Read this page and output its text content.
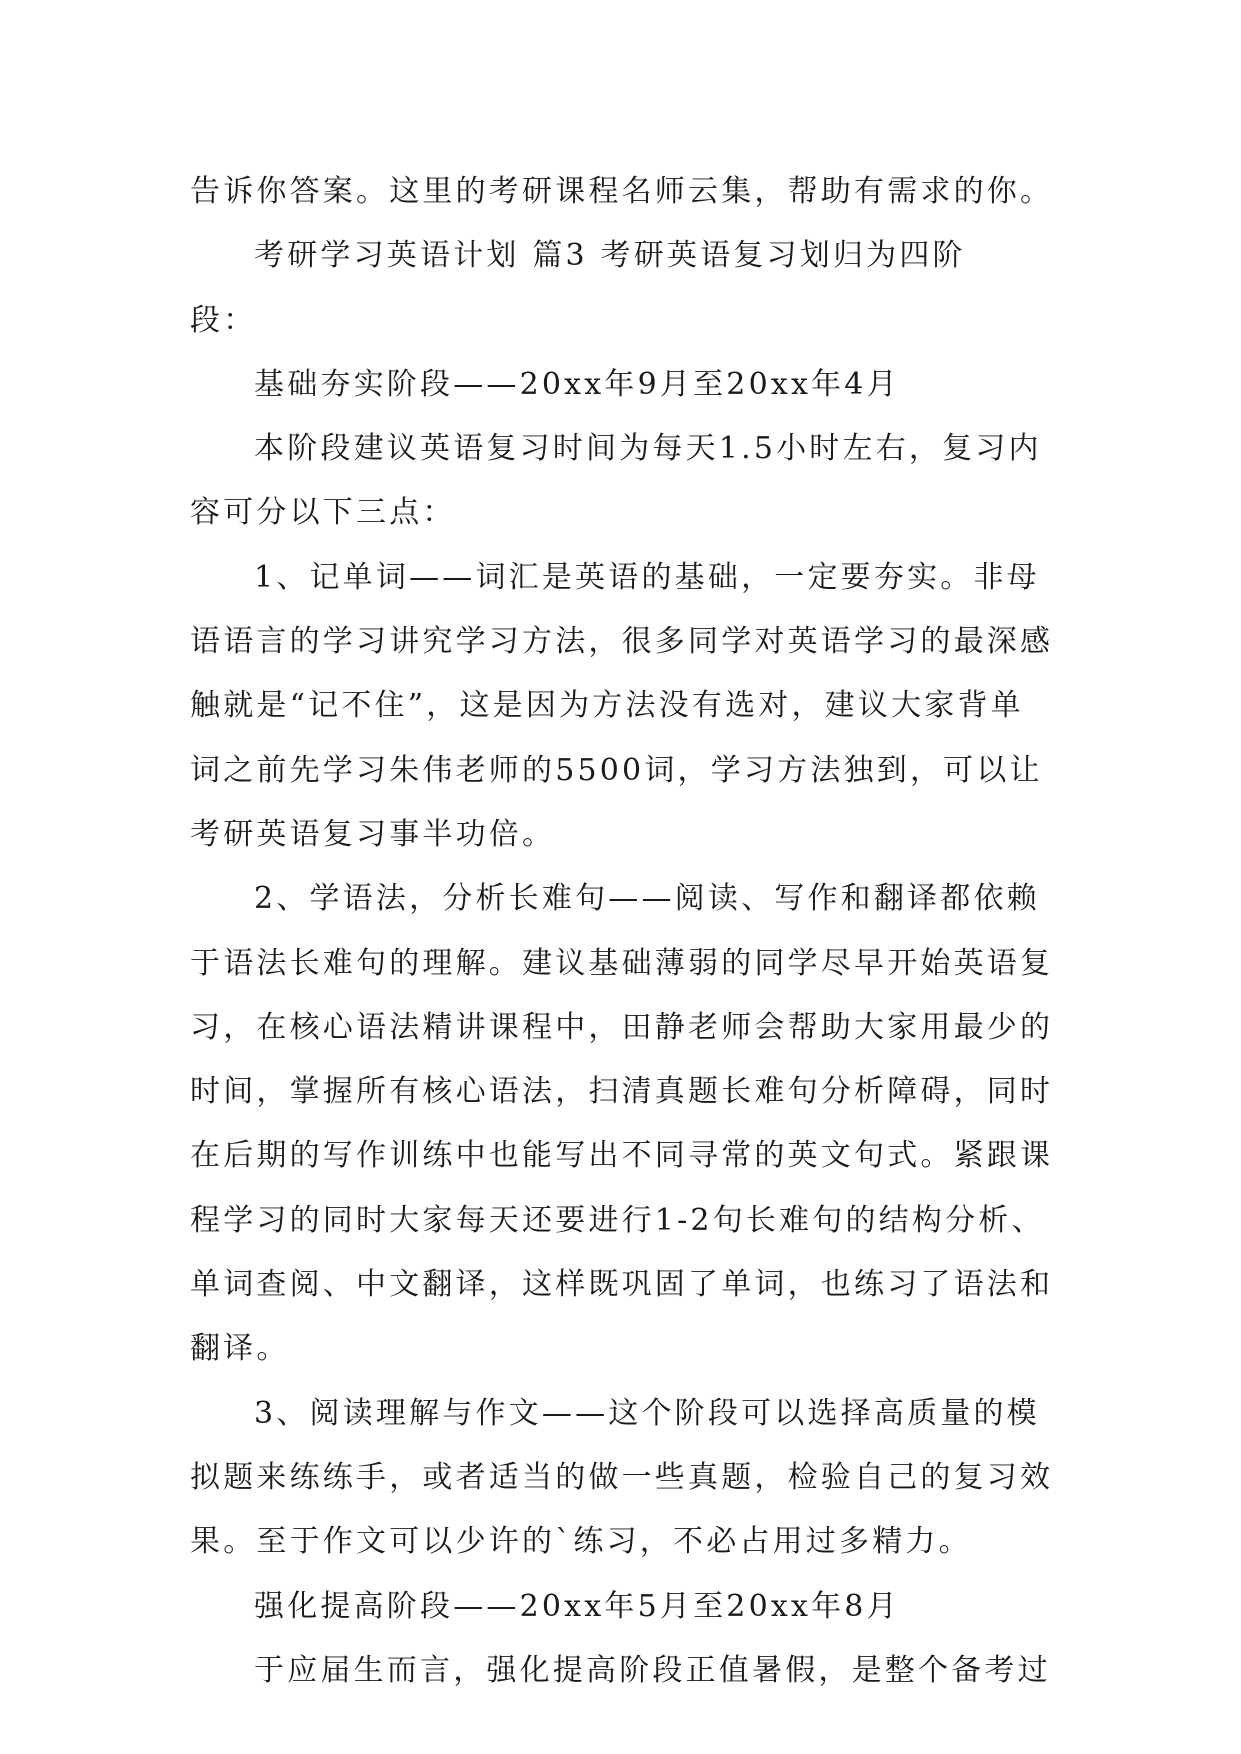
告诉你答案。这里的考研课程名师云集，帮助有需求的你。
考研学习英语计划 篇3 考研英语复习划归为四阶
段：
基础夯实阶段——20xx年9月至20xx年4月
本阶段建议英语复习时间为每天1.5小时左右，复习内
容可分以下三点：
1、记单词——词汇是英语的基础，一定要夯实。非母
语语言的学习讲究学习方法，很多同学对英语学习的最深感
触就是“记不住”，这是因为方法没有选对，建议大家背单
词之前先学习朱伟老师的5500词，学习方法独到，可以让
考研英语复习事半功倍。
2、学语法，分析长难句——阅读、写作和翻译都依赖
于语法长难句的理解。建议基础薄弱的同学尽早开始英语复
习，在核心语法精讲课程中，田静老师会帮助大家用最少的
时间，掌握所有核心语法，扫清真题长难句分析障碍，同时
在后期的写作训练中也能写出不同寻常的英文句式。紧跟课
程学习的同时大家每天还要进行1-2句长难句的结构分析、
单词查阅、中文翻译，这样既巩固了单词，也练习了语法和
翻译。
3、阅读理解与作文——这个阶段可以选择高质量的模
拟题来练练手，或者适当的做一些真题，检验自己的复习效
果。至于作文可以少许的`练习，不必占用过多精力。
强化提高阶段——20xx年5月至20xx年8月
于应届生而言，强化提高阶段正值暑假，是整个备考过
